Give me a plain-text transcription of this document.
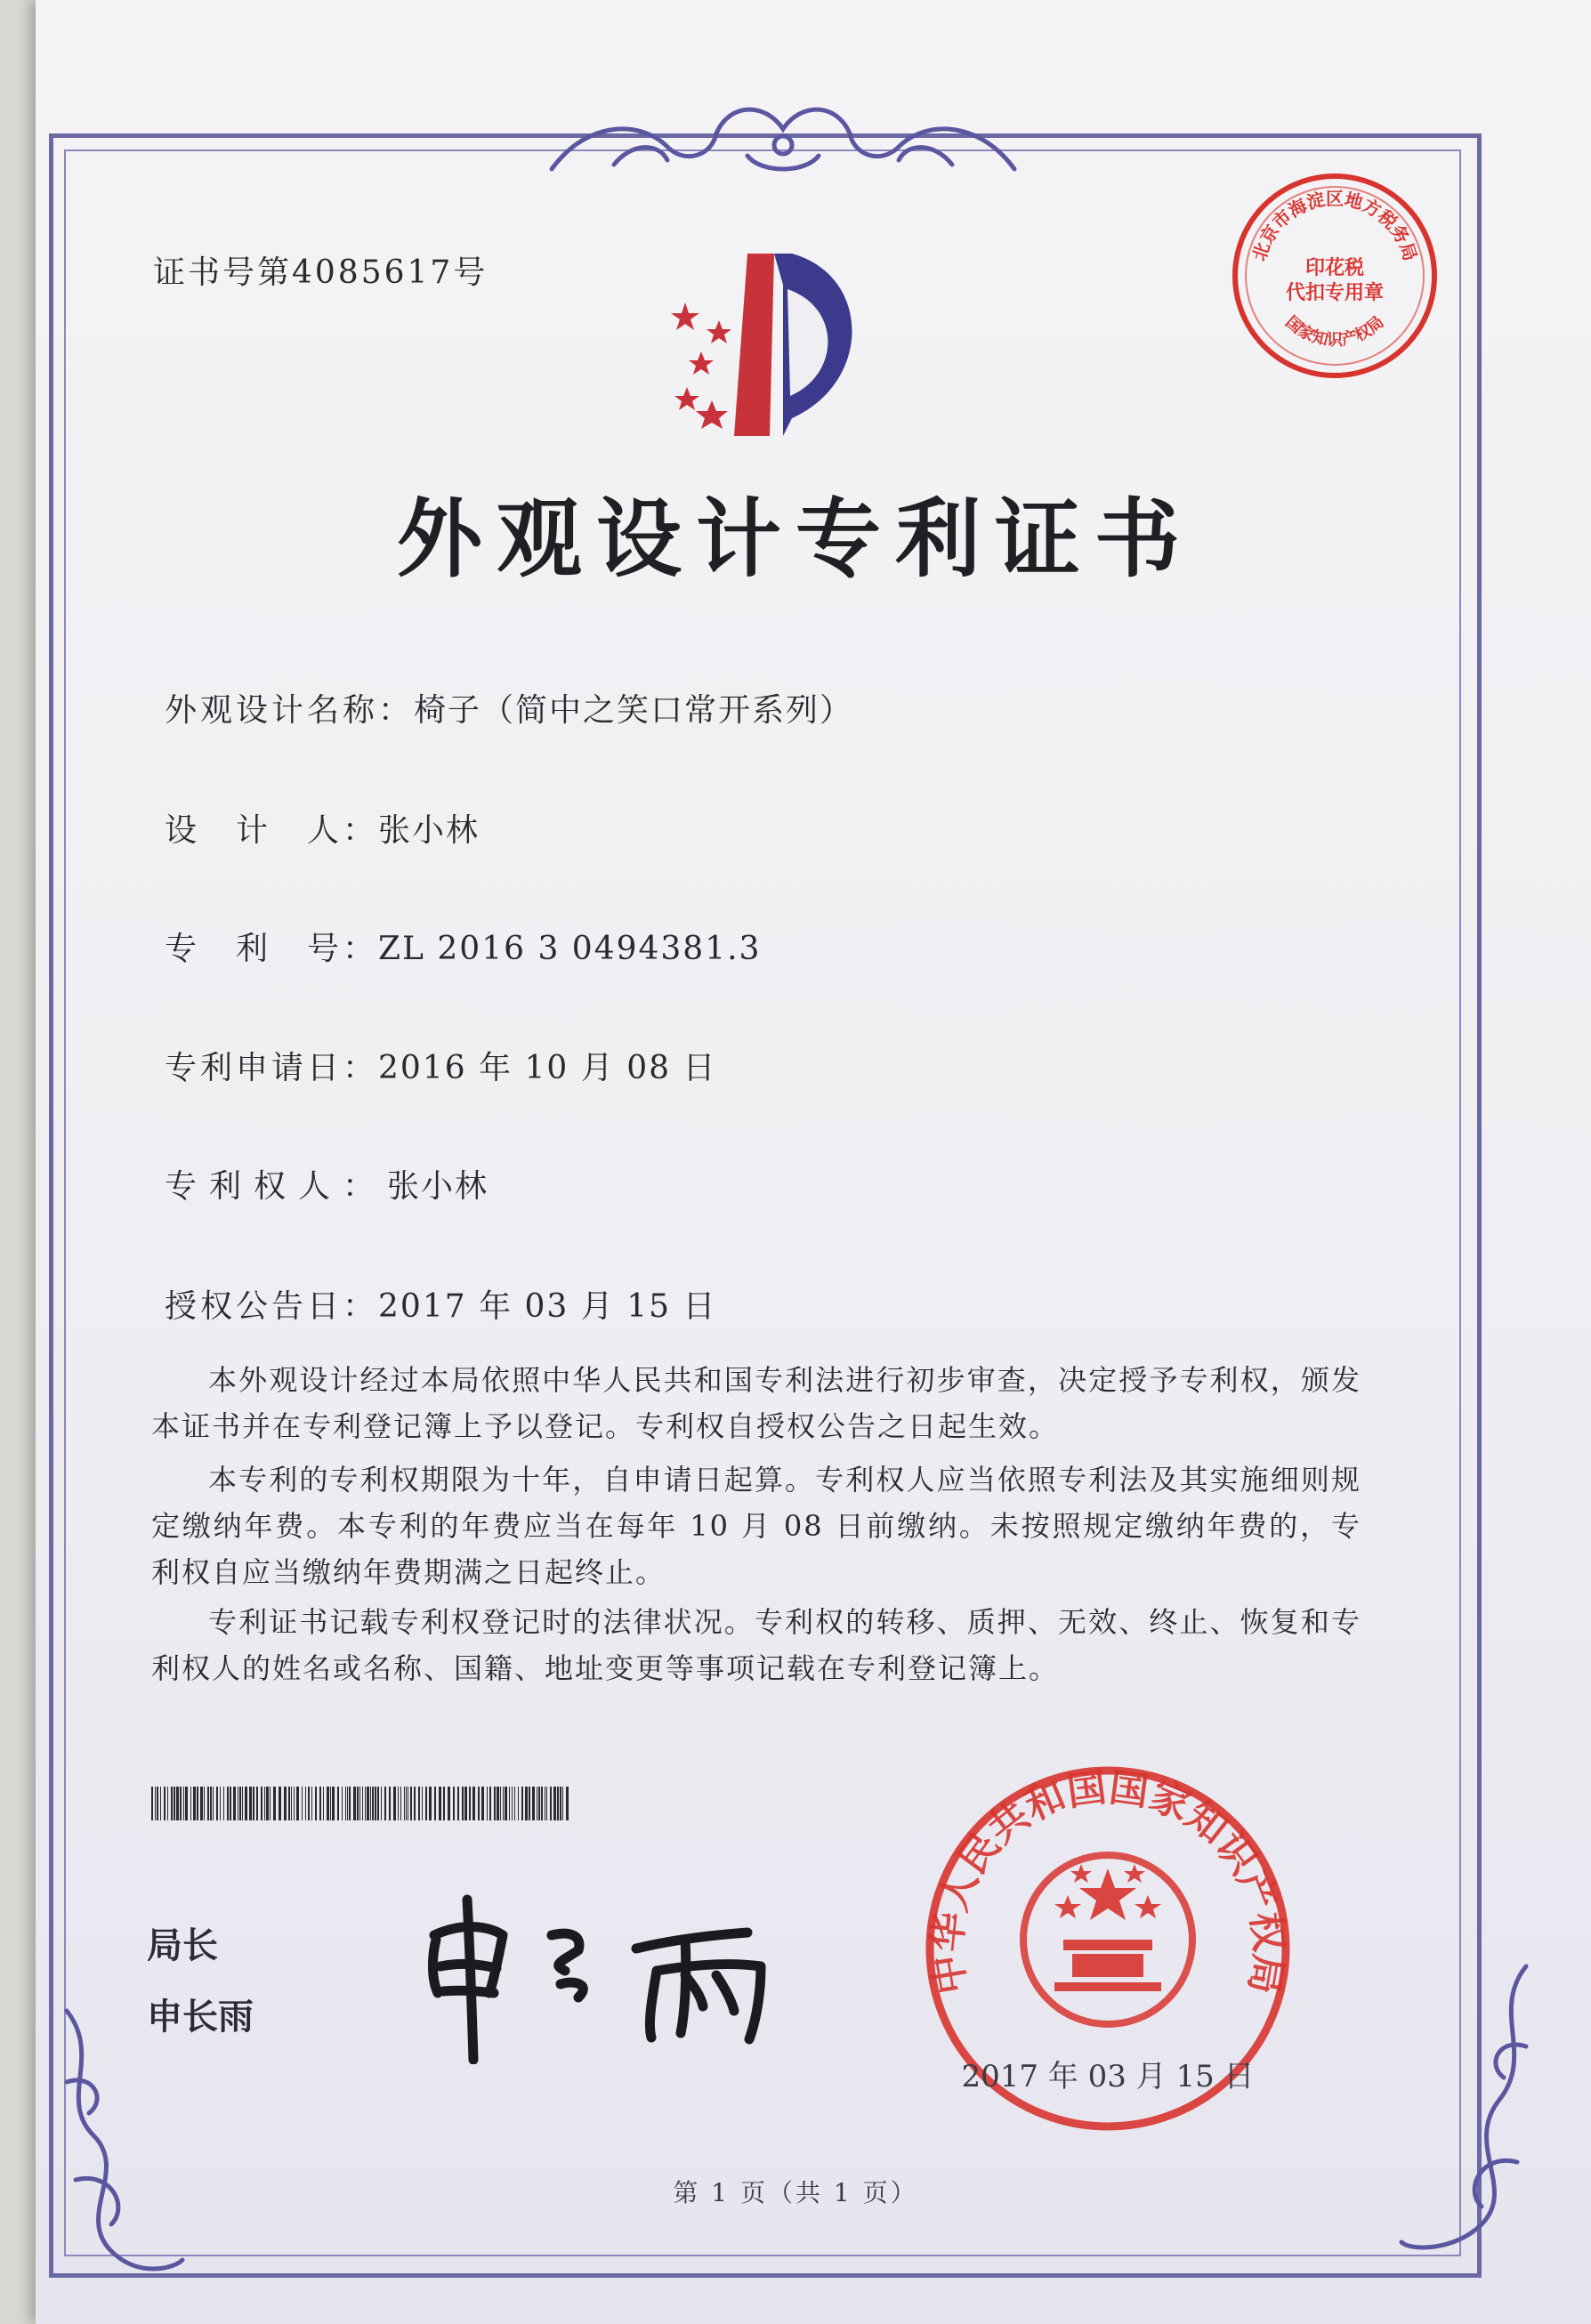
证书号第4085617号
北京市海淀区地方税务局
国家知识产权局
印花税
代扣专用章
外观设计专利证书
外观设计名称：椅子（简中之笑口常开系列）
设　计　人：张小林
专　利　号：ZL 2016 3 0494381.3
专利申请日：2016 年 10 月 08 日
专利权人：张小林
授权公告日：2017 年 03 月 15 日
本外观设计经过本局依照中华人民共和国专利法进行初步审查，决定授予专利权，颁发本证书并在专利登记簿上予以登记。专利权自授权公告之日起生效。
本专利的专利权期限为十年，自申请日起算。专利权人应当依照专利法及其实施细则规定缴纳年费。本专利的年费应当在每年 10 月 08 日前缴纳。未按照规定缴纳年费的，专利权自应当缴纳年费期满之日起终止。
专利证书记载专利权登记时的法律状况。专利权的转移、质押、无效、终止、恢复和专利权人的姓名或名称、国籍、地址变更等事项记载在专利登记簿上。
局长
申长雨
中华人民共和国国家知识产权局
2017 年 03 月 15 日
第 1 页（共 1 页）
